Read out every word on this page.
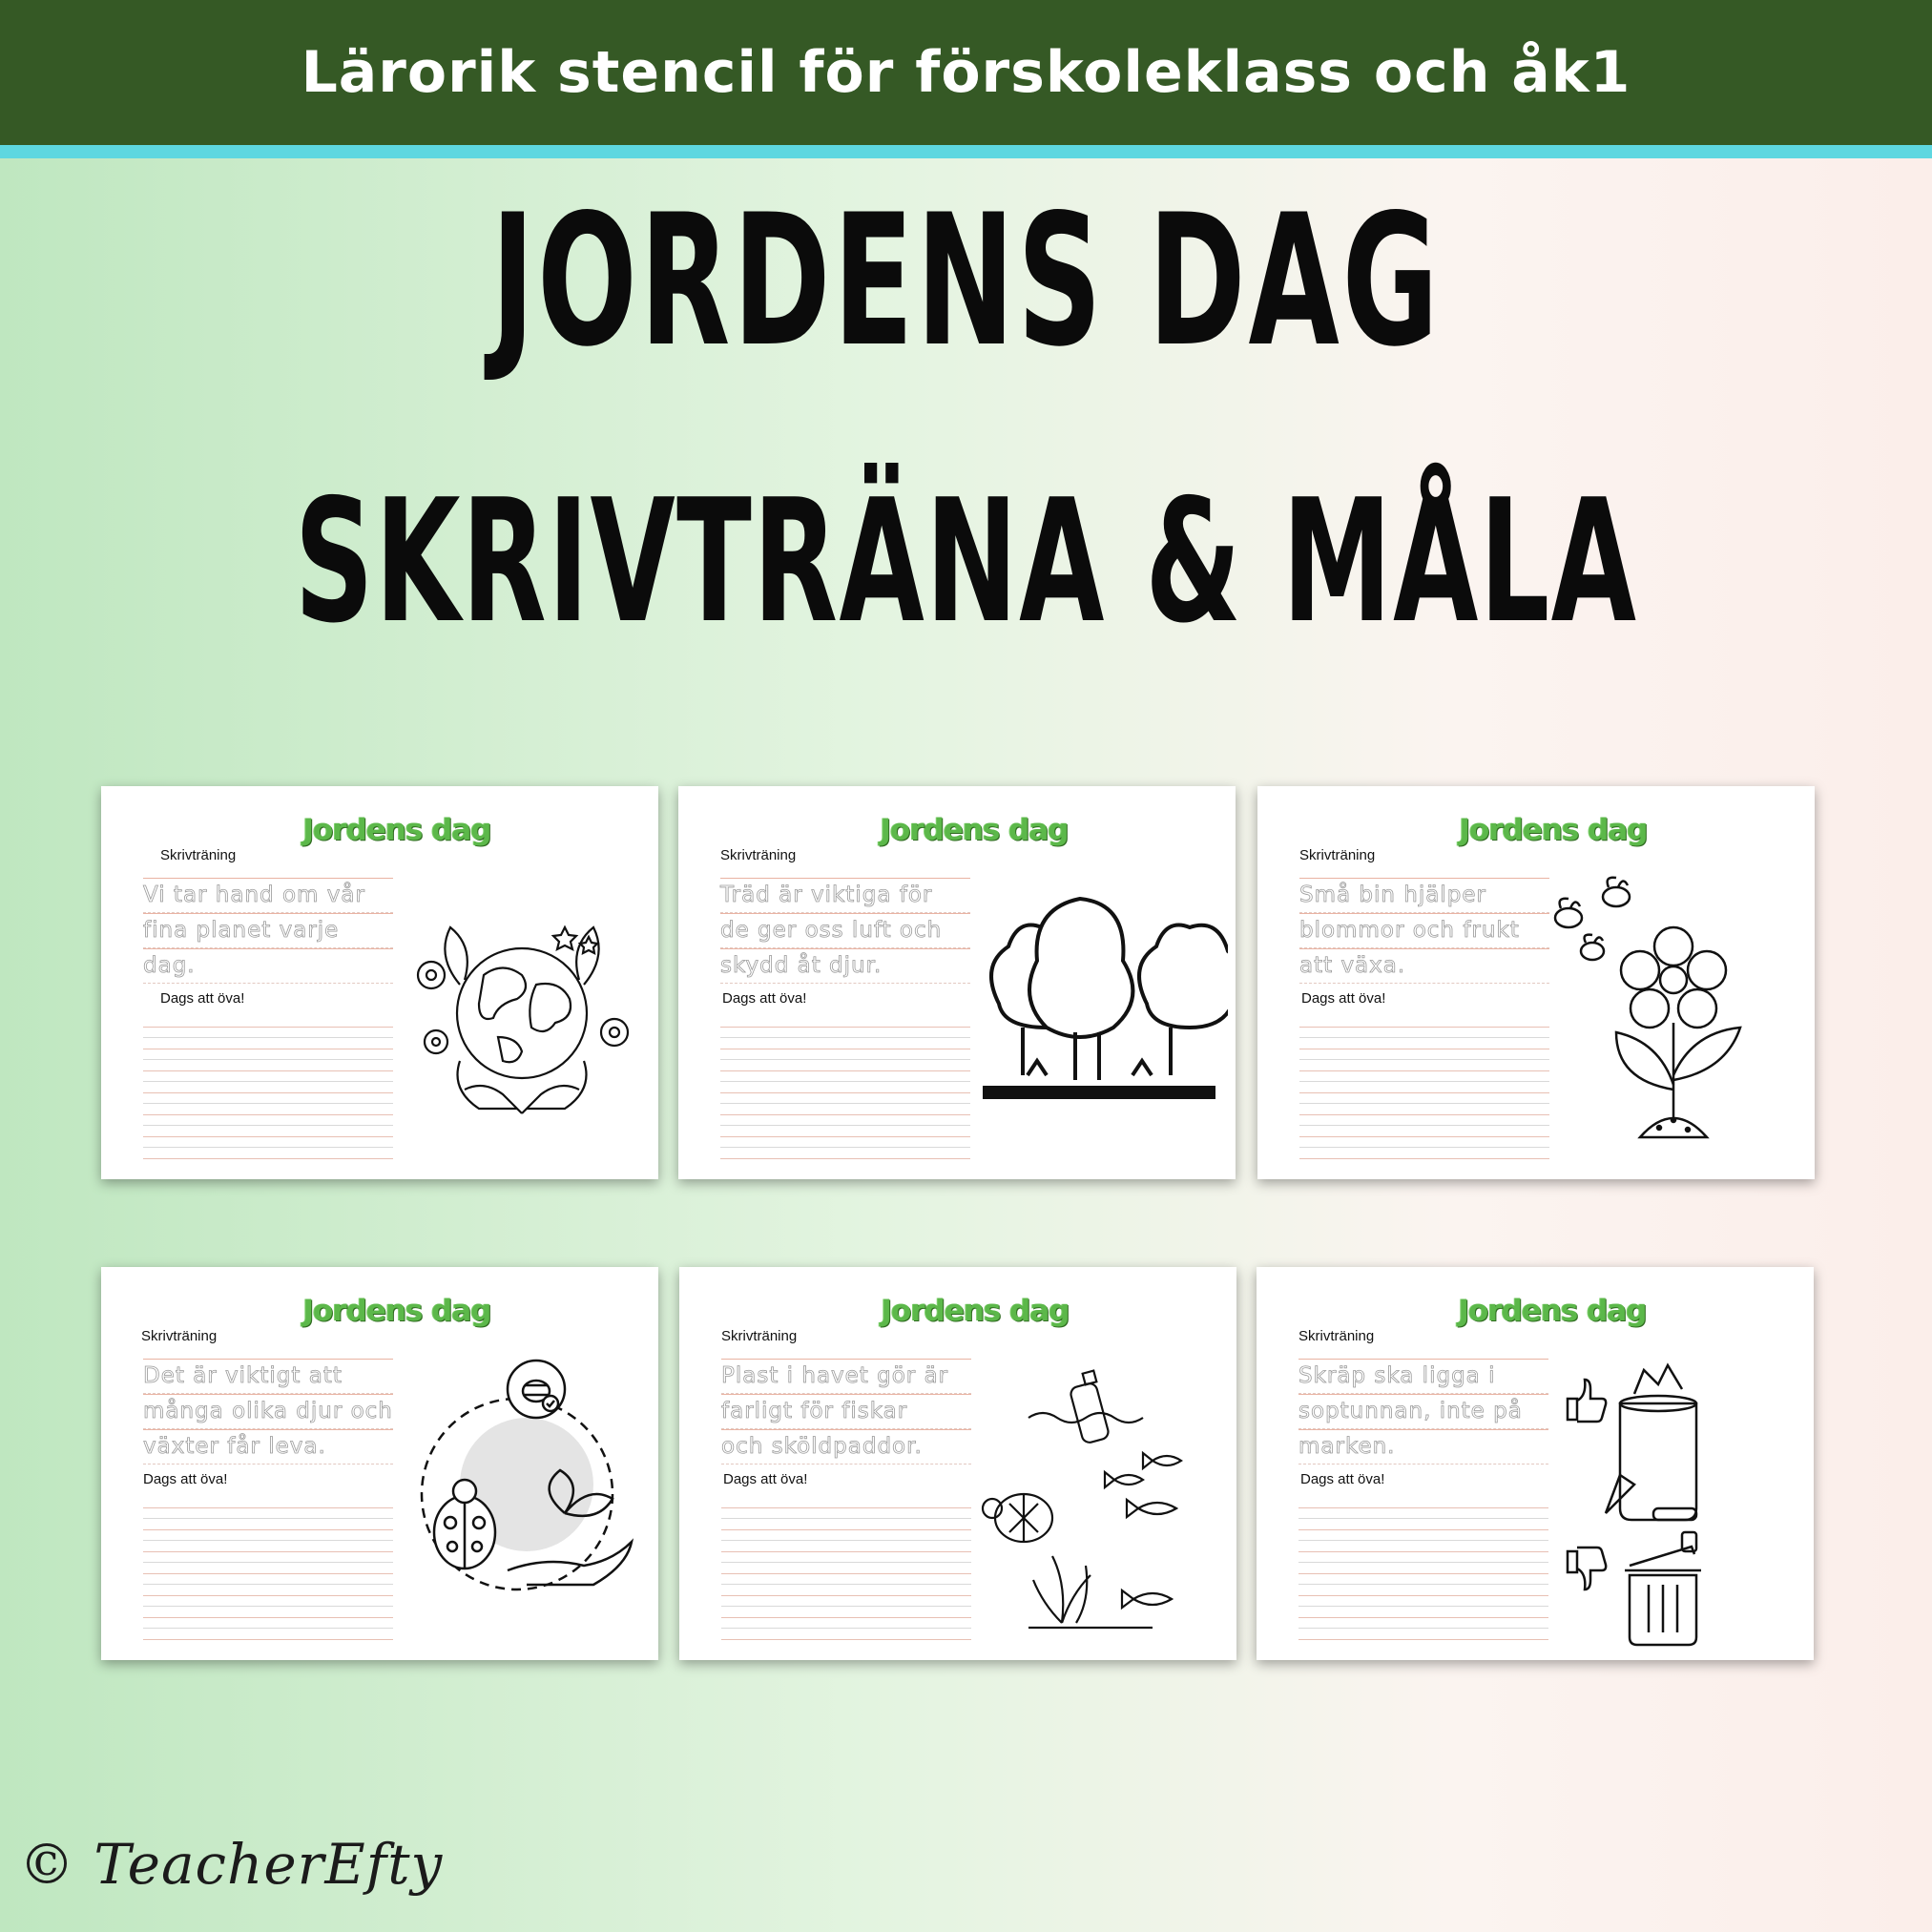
Lärorik stencil för förskoleklass och åk1
JORDENS DAG
SKRIVTRÄNA & MÅLA
Jordens dag
Skrivträning
Vi tar hand om vår
fina planet varje
dag.
Dags att öva!
Jordens dag
Skrivträning
Träd är viktiga för
de ger oss luft och
skydd åt djur.
Dags att öva!
Jordens dag
Skrivträning
Små bin hjälper
blommor och frukt
att växa.
Dags att öva!
Jordens dag
Skrivträning
Det är viktigt att
många olika djur och
växter får leva.
Dags att öva!
Jordens dag
Skrivträning
Plast i havet gör är
farligt för fiskar
och sköldpaddor.
Dags att öva!
Jordens dag
Skrivträning
Skräp ska ligga i
soptunnan, inte på
marken.
Dags att öva!
© TeacherEfty
